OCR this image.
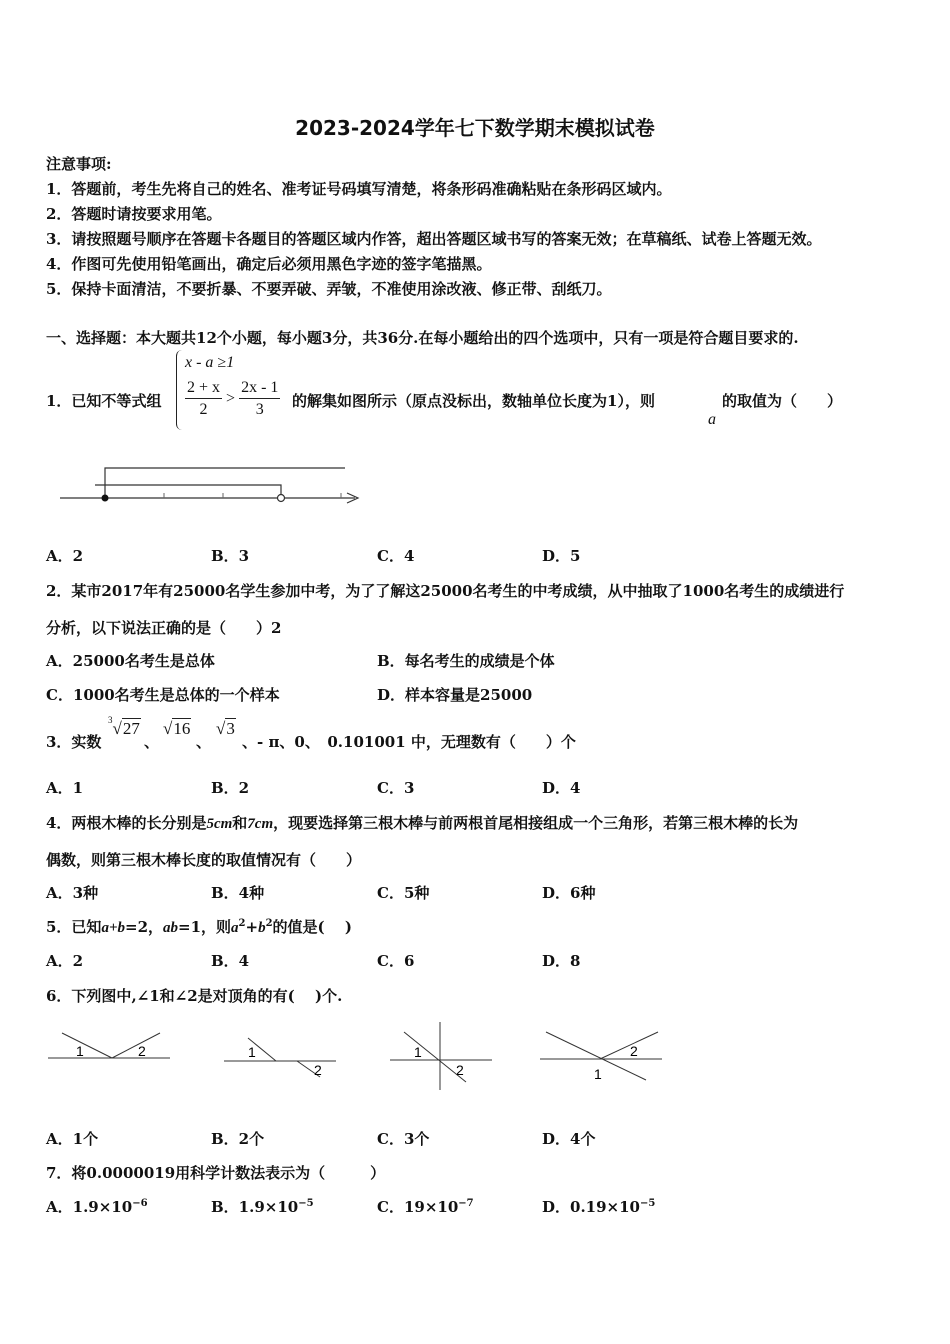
2023-2024学年七下数学期末模拟试卷
注意事项:
1．答题前，考生先将自己的姓名、准考证号码填写清楚，将条形码准确粘贴在条形码区域内。
2．答题时请按要求用笔。
3．请按照题号顺序在答题卡各题目的答题区域内作答，超出答题区域书写的答案无效；在草稿纸、试卷上答题无效。
4．作图可先使用铅笔画出，确定后必须用黑色字迹的签字笔描黑。
5．保持卡面清洁，不要折暴、不要弄破、弄皱，不准使用涂改液、修正带、刮纸刀。
一、选择题：本大题共12个小题，每小题3分，共36分.在每小题给出的四个选项中，只有一项是符合题目要求的.
1．已知不等式组
x - a ≥1
$\frac{2 + x}{2} > \frac{2x - 1}{3}$ 的解集如图所示（原点没标出，数轴单位长度为1），则
a
的取值为（　　）
A．2	B．3	C．4	D．5
2．某市2017年有25000名学生参加中考，为了了解这25000名考生的中考成绩，从中抽取了1000名考生的成绩进行
分析，以下说法正确的是（　　）2
A．25000名考生是总体	B．每名考生的成绩是个体
C．1000名考生是总体的一个样本	D．样本容量是25000
3．实数
$^3$√27
、
√16
、
√3
、- π、0、　0.101001 中，无理数有（　　）个
A．1	B．2	C．3	D．4
4．两根木棒的长分别是5cm和7cm，现要选择第三根木棒与前两根首尾相接组成一个三角形，若第三根木棒的长为
偶数，则第三根木棒长度的取值情况有（　　）
A．3种	B．4种	C．5种	D．6种
5．已知a+b=2，ab=1，则$a^2+b^2$的值是(　 )
A．2	B．4	C．6	D．8
6．下列图中,∠1和∠2是对顶角的有(　 )个.
1	2	1
2
1
2
2
1
A．1个	B．2个	C．3个	D．4个
7．将0.0000019用科学计数法表示为（　　　）
A．$1.9\times 10^{-6}$	B．$1.9\times 10^{-5}$	C．$19\times 10^{-7}$	D．$0.19\times 10^{-5}$
